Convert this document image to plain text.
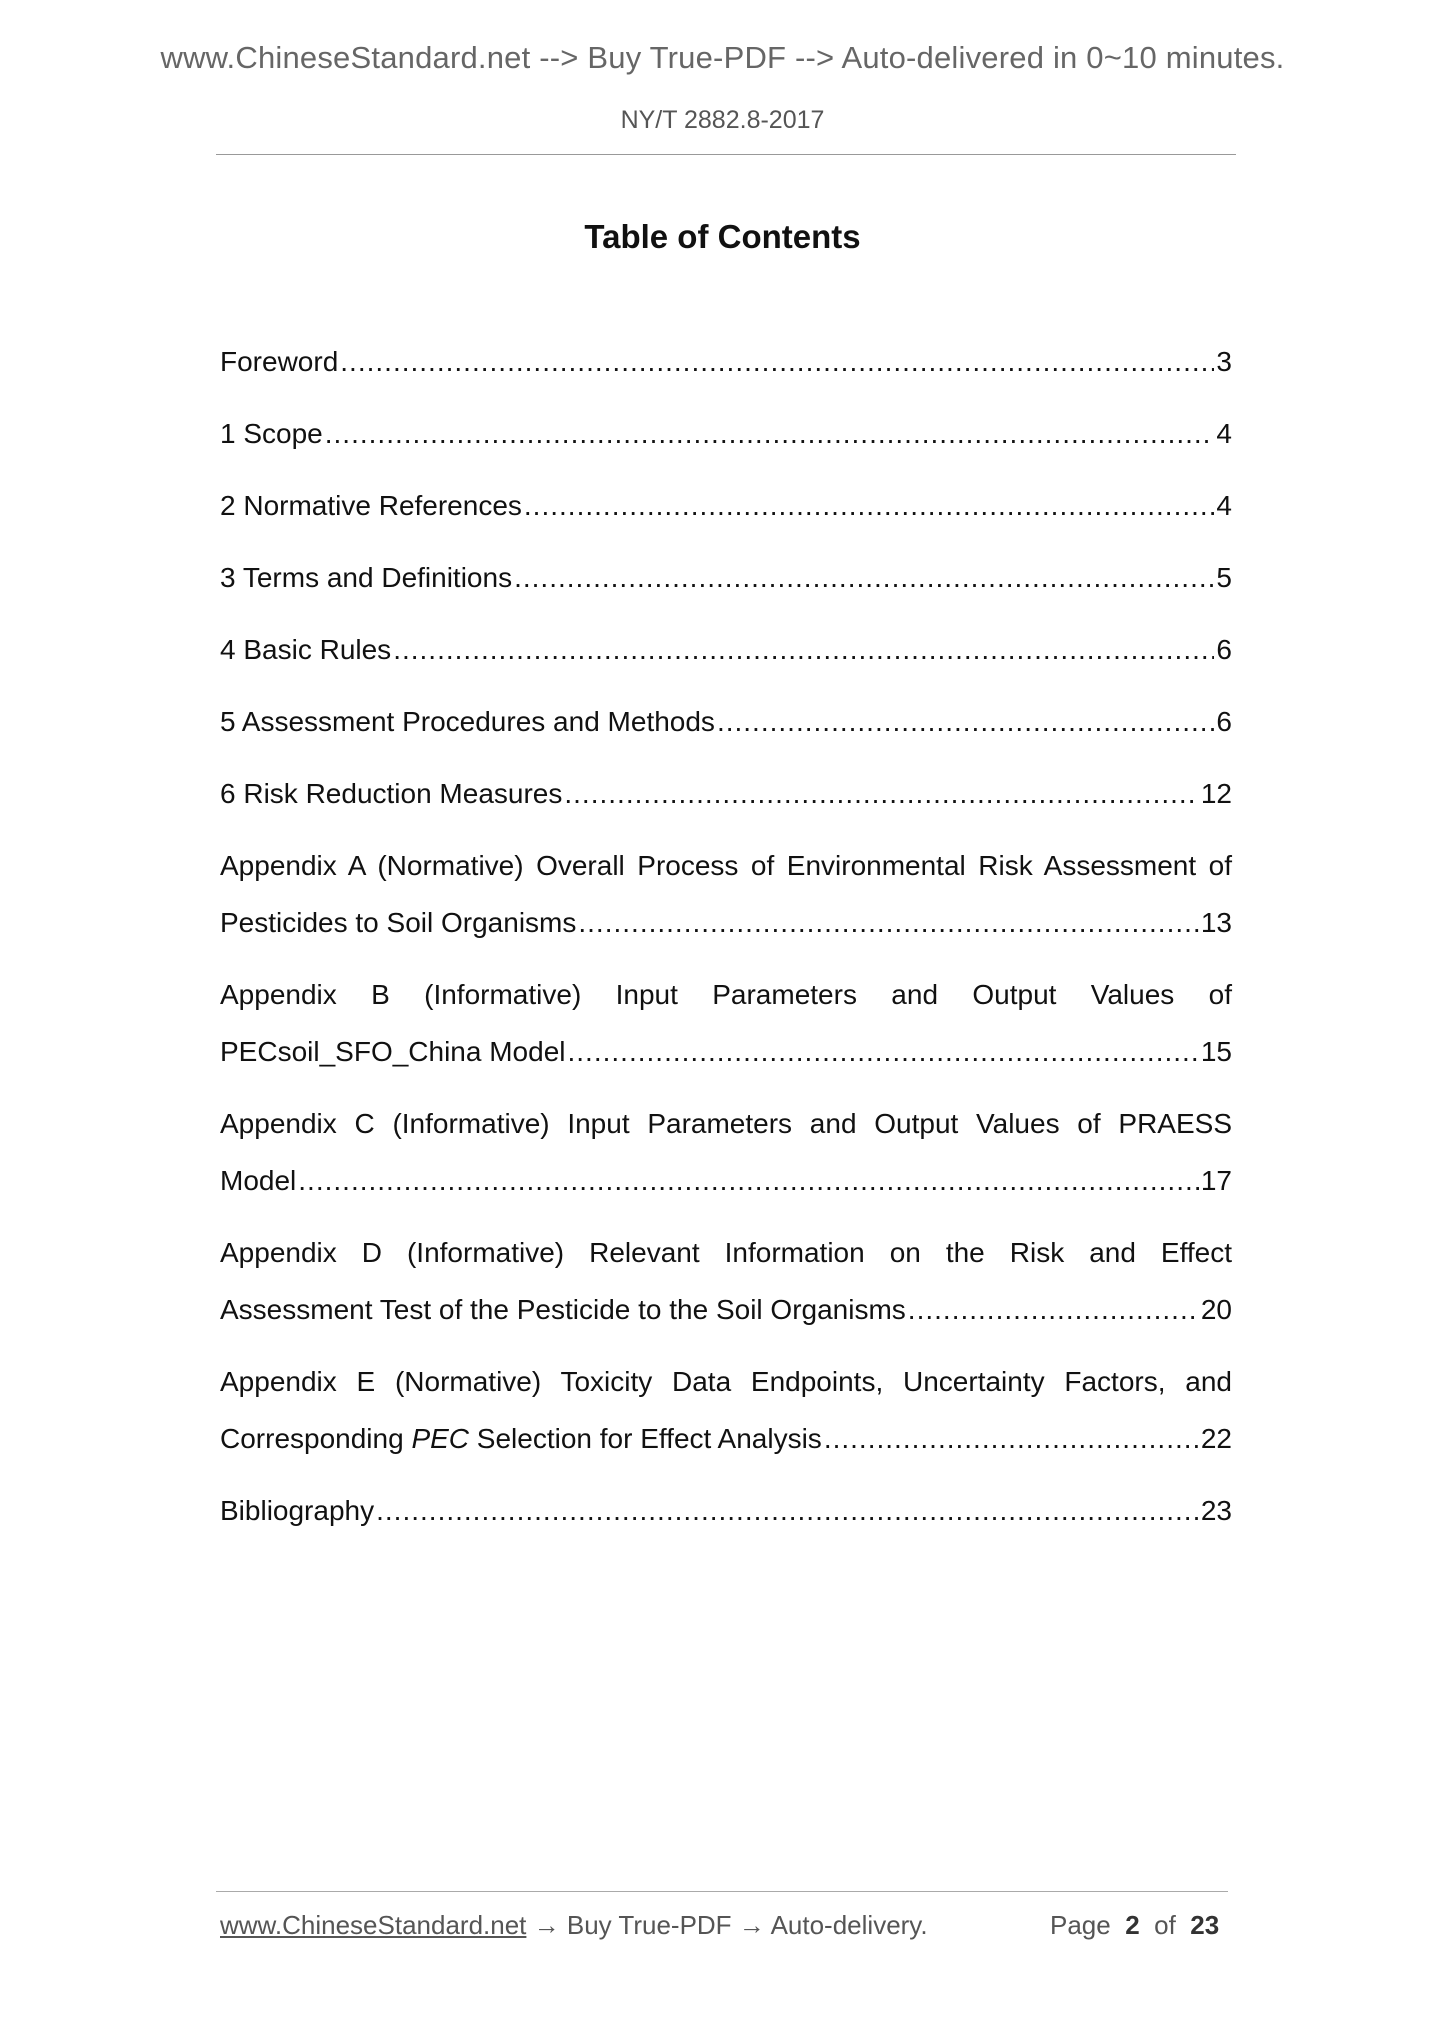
www.ChineseStandard.net --> Buy True-PDF --> Auto-delivered in 0~10 minutes.
NY/T 2882.8-2017
Table of Contents
Foreword .....	3
1 Scope .....	4
2 Normative References .....	4
3 Terms and Definitions .....	5
4 Basic Rules .....	6
5 Assessment Procedures and Methods .....	6
6 Risk Reduction Measures .....	12
Appendix A (Normative) Overall Process of Environmental Risk Assessment of
Pesticides to Soil Organisms .....	13
Appendix B (Informative) Input Parameters and Output Values of
PECsoil_SFO_China Model .....	15
Appendix C (Informative) Input Parameters and Output Values of PRAESS
Model .....	17
Appendix D (Informative) Relevant Information on the Risk and Effect
Assessment Test of the Pesticide to the Soil Organisms .....	20
Appendix E (Normative) Toxicity Data Endpoints, Uncertainty Factors, and
Corresponding PEC Selection for Effect Analysis .....	22
Bibliography .....	23
www.ChineseStandard.net → Buy True-PDF → Auto-delivery.	Page 2 of 23
